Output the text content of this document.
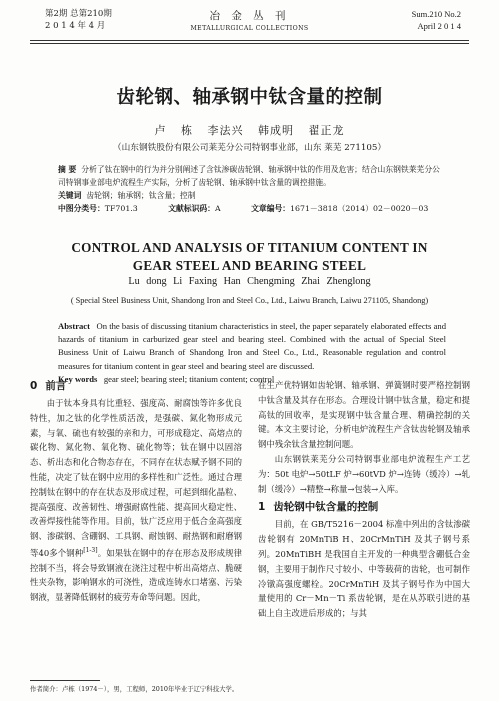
第2期 总第210期
2 0 1 4 年 4 月
冶 金 丛 刊
METALLURGICAL COLLECTIONS
Sum.210 No.2
April 2 0 1 4
齿轮钢、轴承钢中钛含量的控制
卢 栋 李法兴 韩成明 翟正龙
（山东钢铁股份有限公司莱芜分公司特钢事业部，山东 莱芜 271105）
摘 要 分析了钛在钢中的行为并分别阐述了含钛渗碳齿轮钢、轴承钢中钛的作用及危害；结合山东钢铁莱芜分公司特钢事业部电炉流程生产实际，分析了齿轮钢、轴承钢中钛含量的调控措施。
关键词 齿轮钢；轴承钢；钛含量；控制
中图分类号：TF701.3	文献标识码：A	文章编号：1671－3818（2014）02－0020－03
CONTROL AND ANALYSIS OF TITANIUM CONTENT IN
GEAR STEEL AND BEARING STEEL
Lu dong Li Faxing Han Chengming Zhai Zhenglong
( Special Steel Business Unit, Shandong Iron and Steel Co., Ltd., Laiwu Branch, Laiwu 271105, Shandong)
Abstract On the basis of discussing titanium characteristics in steel, the paper separately elaborated effects and hazards of titanium in carburized gear steel and bearing steel. Combined with the actual of Special Steel Business Unit of Laiwu Branch of Shandong Iron and Steel Co., Ltd., Reasonable regulation and control measures for titanium content in gear steel and bearing steel are discussed.
Key words gear steel; bearing steel; titanium content; control
0 前言

由于钛本身具有比重轻、强度高、耐腐蚀等许多优良特性，加之钛的化学性质活泼，是强碳、氮化物形成元素，与氧、硫也有较强的亲和力，可形成稳定、高熔点的碳化物、氮化物、氧化物、硫化物等；钛在钢中以固溶态、析出态和化合物态存在，不同存在状态赋予钢不同的性能，决定了钛在钢中应用的多样性和广泛性。通过合理控制钛在钢中的存在状态及形成过程，可起到细化晶粒、提高强度、改善韧性、增强耐腐性能、提高回火稳定性、改善焊接性能等作用。目前，钛广泛应用于低合金高强度钢、渗碳钢、含硼钢、工具钢、耐蚀钢、耐热钢和耐磨钢等40多个钢种[1-3]。如果钛在钢中的存在形态及形成规律控制不当，将会导致钢液在浇注过程中析出高熔点、脆硬性夹杂物，影响钢水的可浇性，造成连铸水口堵塞、污染钢液，显著降低钢材的疲劳寿命等问题。因此，

在生产优特钢如齿轮钢、轴承钢、弹簧钢时要严格控制钢中钛含量及其存在形态。合理设计钢中钛含量，稳定和提高钛的回收率，是实现钢中钛含量合理、精确控制的关键。本文主要讨论，分析电炉流程生产含钛齿轮钢及轴承钢中残余钛含量控制问题。

山东钢铁莱芜分公司特钢事业部电炉流程生产工艺为：50t 电炉→50tLF 炉→60tVD 炉→连铸（缓冷）→轧制（缓冷）→精整→称量→包装→入库。

1 齿轮钢中钛含量的控制

目前，在 GB/T5216－2004 标准中列出的含钛渗碳齿轮钢有 20MnTiB H、20CrMnTiH 及其子钢号系列。20MnTiBH 是我国自主开发的一种典型含硼低合金钢，主要用于制作尺寸较小、中等载荷的齿轮，也可制作冷镦高强度螺栓。20CrMnTiH 及其子钢号作为中国大量使用的 Cr－Mn－Ti 系齿轮钢，是在从苏联引进的基础上自主改进后形成的；与其

作者简介：卢栋（1974－），男，工程师，2010年毕业于辽宁科技大学。
